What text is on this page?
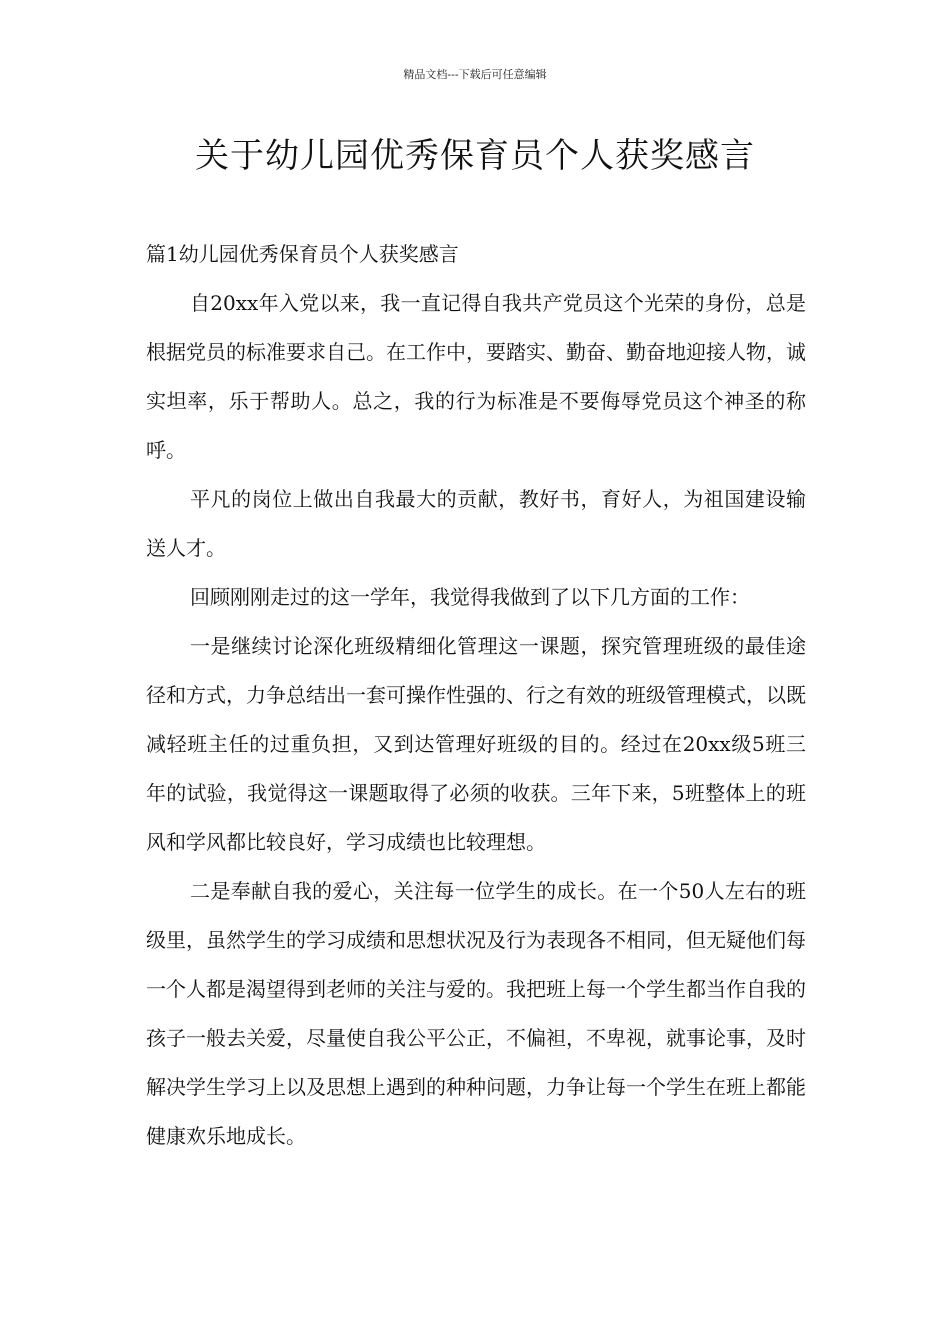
精品文档---下载后可任意编辑
关于幼儿园优秀保育员个人获奖感言

篇1幼儿园优秀保育员个人获奖感言

自20xx年入党以来，我一直记得自我共产党员这个光荣的身份，总是根据党员的标准要求自己。在工作中，要踏实、勤奋、勤奋地迎接人物，诚实坦率，乐于帮助人。总之，我的行为标准是不要侮辱党员这个神圣的称呼。

平凡的岗位上做出自我最大的贡献，教好书，育好人，为祖国建设输送人才。

回顾刚刚走过的这一学年，我觉得我做到了以下几方面的工作：

一是继续讨论深化班级精细化管理这一课题，探究管理班级的最佳途径和方式，力争总结出一套可操作性强的、行之有效的班级管理模式，以既减轻班主任的过重负担，又到达管理好班级的目的。经过在20xx级5班三年的试验，我觉得这一课题取得了必须的收获。三年下来，5班整体上的班风和学风都比较良好，学习成绩也比较理想。

二是奉献自我的爱心，关注每一位学生的成长。在一个50人左右的班级里，虽然学生的学习成绩和思想状况及行为表现各不相同，但无疑他们每一个人都是渴望得到老师的关注与爱的。我把班上每一个学生都当作自我的孩子一般去关爱，尽量使自我公平公正，不偏袒，不卑视，就事论事，及时解决学生学习上以及思想上遇到的种种问题，力争让每一个学生在班上都能健康欢乐地成长。
